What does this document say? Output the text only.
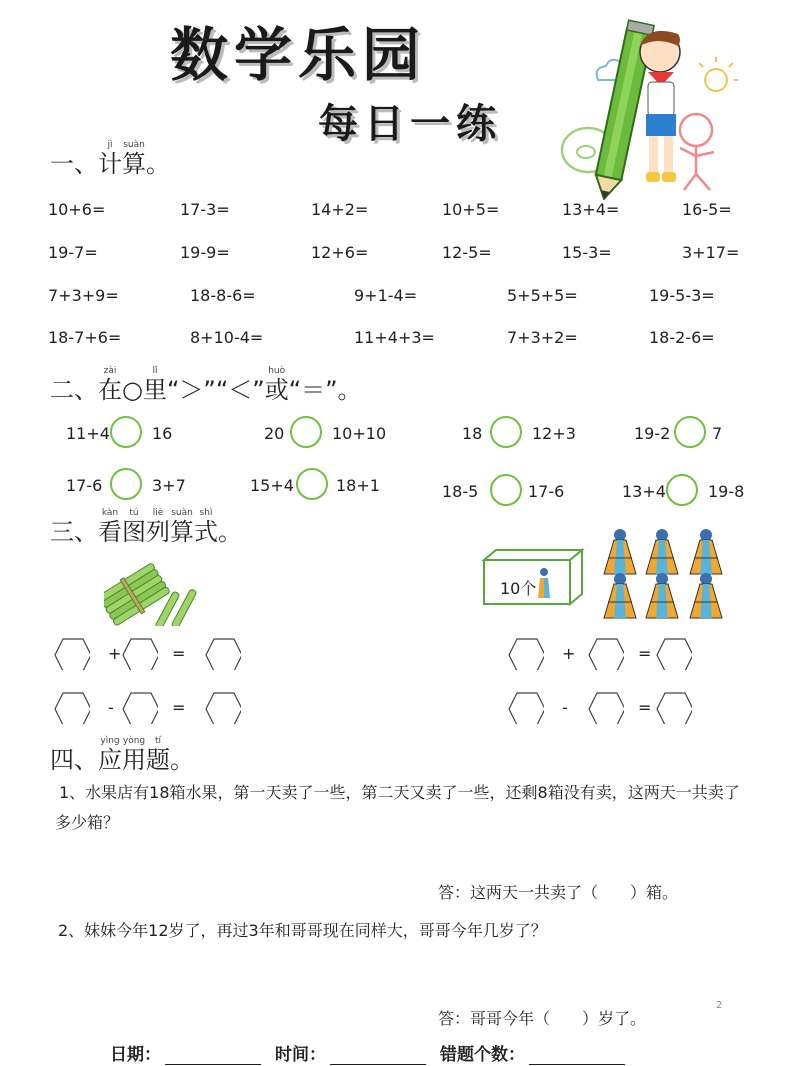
数学乐园
每日一练
一、计jì算suàn。
10+6=	17-3=	14+2=	10+5=	13+4=	16-5=
19-7=	19-9=	12+6=	12-5=	15-3=	3+17=
7+3+9=	18-8-6=	9+1-4=	5+5+5=	19-5-3=
18-7+6=	8+10-4=	11+4+3=	7+3+2=	18-2-6=
二、在zài○里lǐ“＞”“＜”或huò“＝”。
11+4	16	20	10+10	18	12+3	19-2	7
17-6	3+7	15+4	18+1	18-5	17-6	13+4	19-8
三、看kàn图tú列liè算suàn式shì。
10个
+	=
-	=
+	=
-	=
四、应yìng用yòng题tí。
1、水果店有18箱水果，第一天卖了一些，第二天又卖了一些，还剩8箱没有卖，这两天一共卖了多少箱？
答：这两天一共卖了（　　）箱。
2、妹妹今年12岁了，再过3年和哥哥现在同样大，哥哥今年几岁了？
答：哥哥今年（　　）岁了。
2
日期：	时间：	错题个数：
